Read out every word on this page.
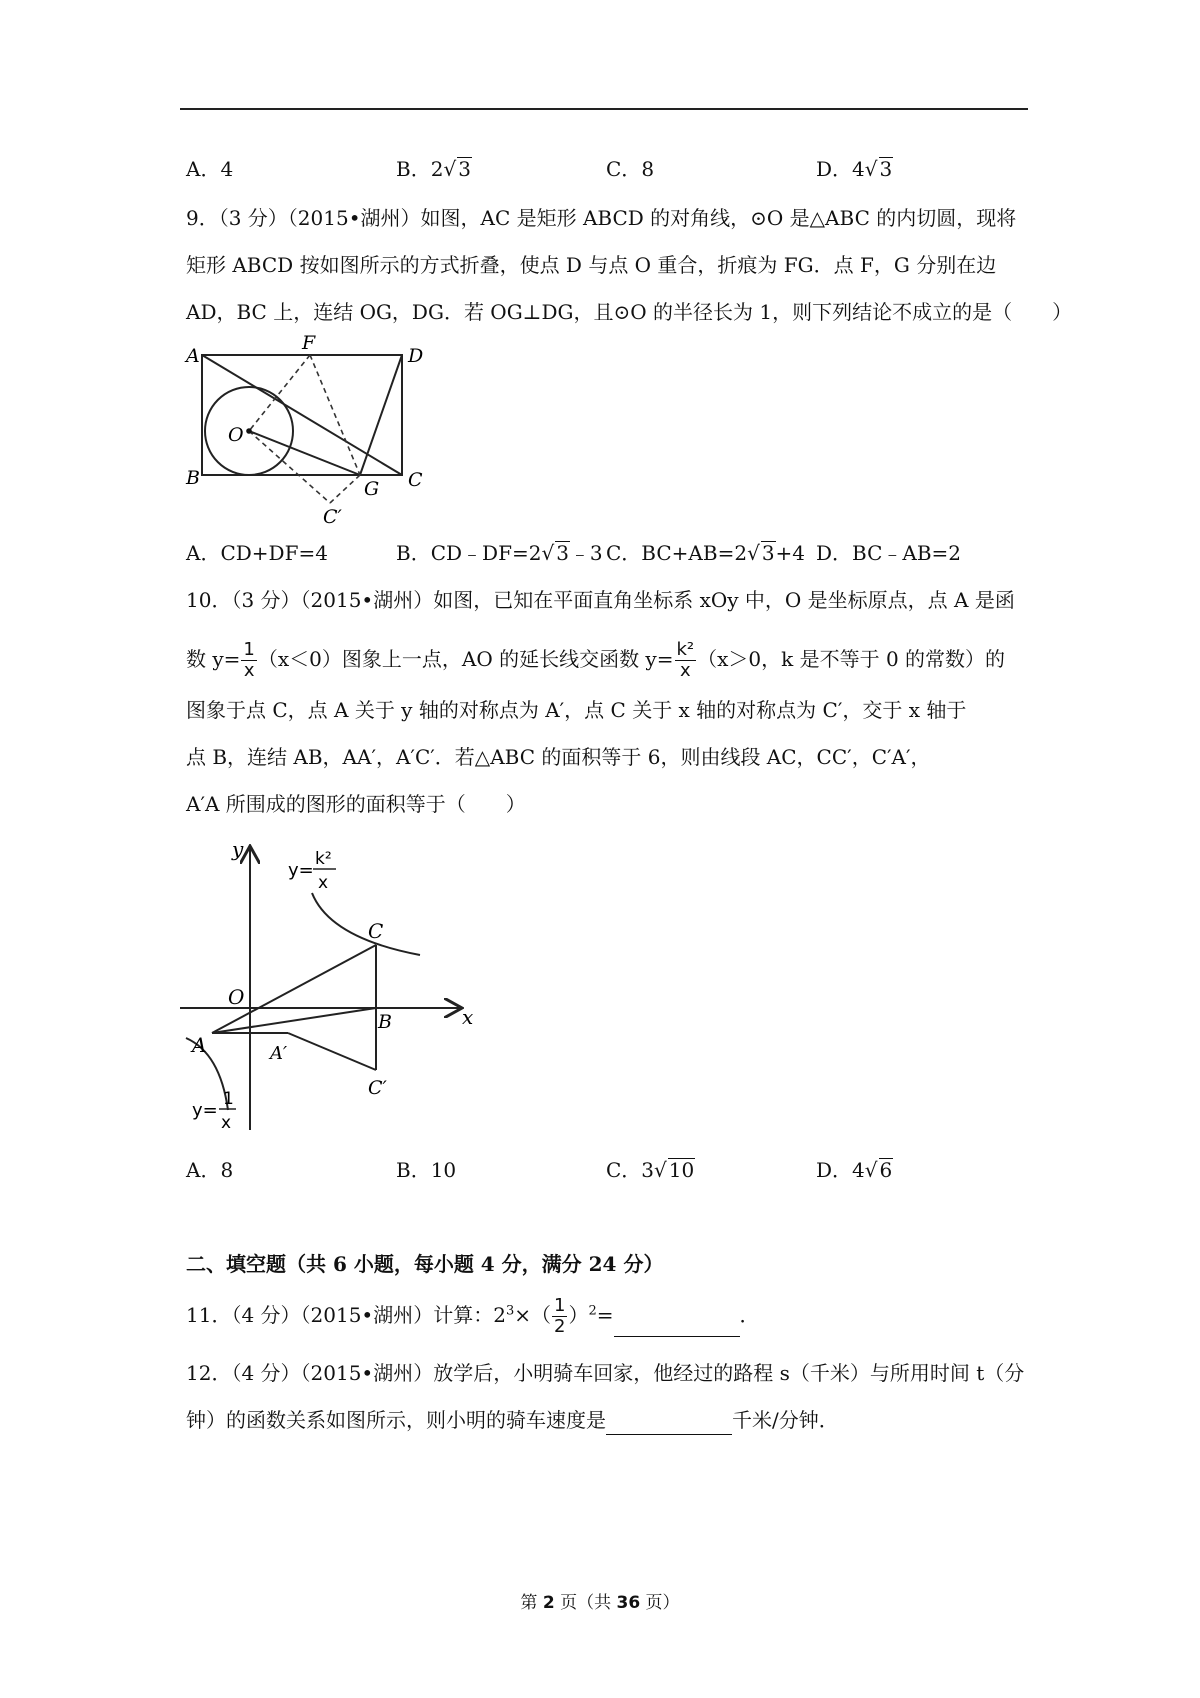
A．4	B．2√ 3	C．8	D．4√ 3
9．（3 分）（2015•湖州）如图，AC 是矩形 ABCD 的对角线，⊙O 是△ABC 的内切圆，现将
矩形 ABCD 按如图所示的方式折叠，使点 D 与点 O 重合，折痕为 FG．点 F，G 分别在边
AD，BC 上，连结 OG，DG．若 OG⊥DG，且⊙O 的半径长为 1，则下列结论不成立的是（　　）
A
F
D
O
B	G C
C′
A．CD+DF=4	B．CD﹣DF=2√ 3﹣3 C．BC+AB=2√ 3+4 D．BC﹣AB=2
10．（3 分）（2015•湖州）如图，已知在平面直角坐标系 xOy 中，O 是坐标原点，点 A 是函
数 $y= \frac{1}{x} (x<0)$图象上一点，AO 的延长线交函数 $y= \frac{\text{k²}}{x} (x>0$，k 是不等于 0 的常数）的
图象于点 C，点 A 关于 y 轴的对称点为 A′，点 C 关于 x 轴的对称点为 C′，交于 x 轴于
点 B，连结 AB，AA′，A′C′．若△ABC 的面积等于 6，则由线段 AC，CC′，C′A′，
A′A 所围成的图形的面积等于（　　）
y
x
O
A	A′
B
C
C′
y=
k²
x
y=
1
x
A．8	B．10	C．3√ 10	D．4√ 6
二、填空题（共 6 小题，每小题 4 分，满分 24 分）
11．（4 分）（2015•湖州）计算：$2^3\times( \frac{1}{2} )^2=$	．
12．（4 分）（2015•湖州）放学后，小明骑车回家，他经过的路程 s（千米）与所用时间 t（分
钟）的函数关系如图所示，则小明的骑车速度是	千米/分钟．
第 2 页（共 36 页）
